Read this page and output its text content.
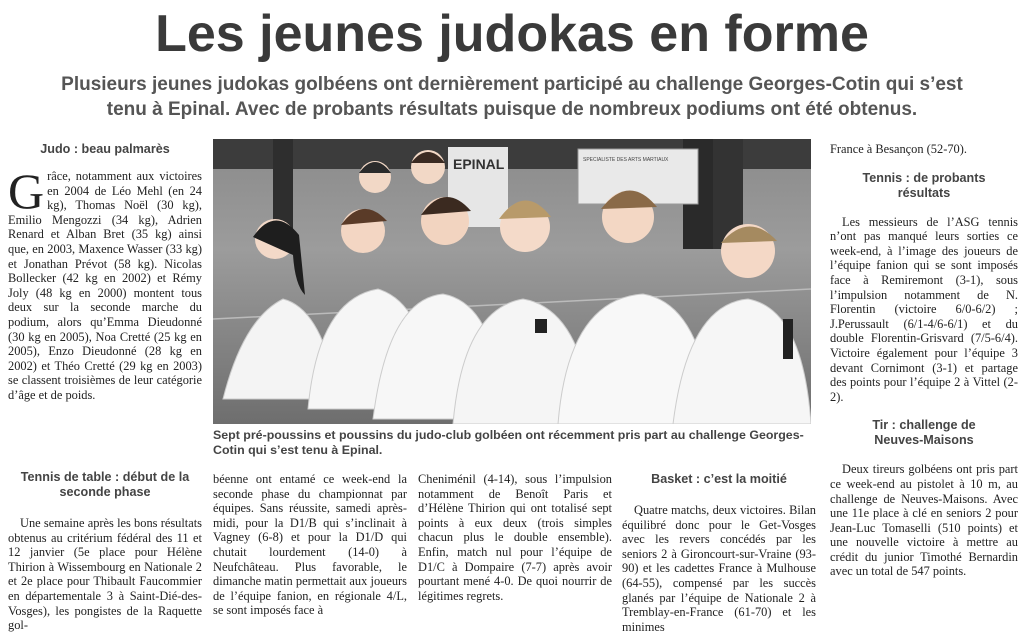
Les jeunes judokas en forme

Plusieurs jeunes judokas golbéens ont dernièrement participé au challenge Georges-Cotin qui s’est tenu à Epinal. Avec de probants résultats puisque de nombreux podiums ont été obtenus.

Judo : beau palmarès

Grâce, notamment aux victoires en 2004 de Léo Mehl (en 24 kg), Thomas Noël (30 kg), Emilio Mengozzi (34 kg), Adrien Renard et Alban Bret (35 kg) ainsi que, en 2003, Maxence Wasser (33 kg) et Jonathan Prévot (58 kg). Nicolas Bollecker (42 kg en 2002) et Rémy Joly (48 kg en 2000) montent tous deux sur la seconde marche du podium, alors qu’Emma Dieudonné (30 kg en 2005), Noa Cretté (25 kg en 2005), Enzo Dieudonné (28 kg en 2002) et Théo Cretté (29 kg en 2003) se classent troisièmes de leur catégorie d’âge et de poids.

EPINAL	SPECIALISTE DES ARTS MARTIAUX

Sept pré-poussins et poussins du judo-club golbéen ont récemment pris part au challenge Georges-Cotin qui s’est tenu à Epinal.

Tennis de table : début de la seconde phase

Une semaine après les bons résultats obtenus au critérium fédéral des 11 et 12 janvier (5e place pour Hélène Thirion à Wissembourg en Nationale 2 et 2e place pour Thibault Faucommier en départementale 3 à Saint-Dié-des-Vosges), les pongistes de la Raquette gol-

béenne ont entamé ce week-end la seconde phase du championnat par équipes. Sans réussite, samedi après-midi, pour la D1/B qui s’inclinait à Vagney (6-8) et pour la D1/D qui chutait lourdement (14-0) à Neufchâteau. Plus favorable, le dimanche matin permettait aux joueurs de l’équipe fanion, en régionale 4/L, se sont imposés face à

Cheniménil (4-14), sous l’impulsion notamment de Benoît Paris et d’Hélène Thirion qui ont totalisé sept points à eux deux (trois simples chacun plus le double ensemble). Enfin, match nul pour l’équipe de D1/C à Dompaire (7-7) après avoir pourtant mené 4-0. De quoi nourrir de légitimes regrets.

Basket : c’est la moitié

Quatre matchs, deux victoires. Bilan équilibré donc pour le Get-Vosges avec les revers concédés par les seniors 2 à Gironcourt-sur-Vraine (93-90) et les cadettes France à Mulhouse (64-55), compensé par les succès glanés par l’équipe de Nationale 2 à Tremblay-en-France (61-70) et les minimes

France à Besançon (52-70).

Tennis : de probants résultats

Les messieurs de l’ASG tennis n’ont pas manqué leurs sorties ce week-end, à l’image des joueurs de l’équipe fanion qui se sont imposés face à Remiremont (3-1), sous l’impulsion notamment de N. Florentin (victoire 6/0-6/2) ; J.Perussault (6/1-4/6-6/1) et du double Florentin-Grisvard (7/5-6/4). Victoire également pour l’équipe 3 devant Cornimont (3-1) et partage des points pour l’équipe 2 à Vittel (2-2).

Tir : challenge de Neuves-Maisons

Deux tireurs golbéens ont pris part ce week-end au pistolet à 10 m, au challenge de Neuves-Maisons. Avec une 11e place à clé en seniors 2 pour Jean-Luc Tomaselli (510 points) et une nouvelle victoire à mettre au crédit du junior Timothé Bernardin avec un total de 547 points.
